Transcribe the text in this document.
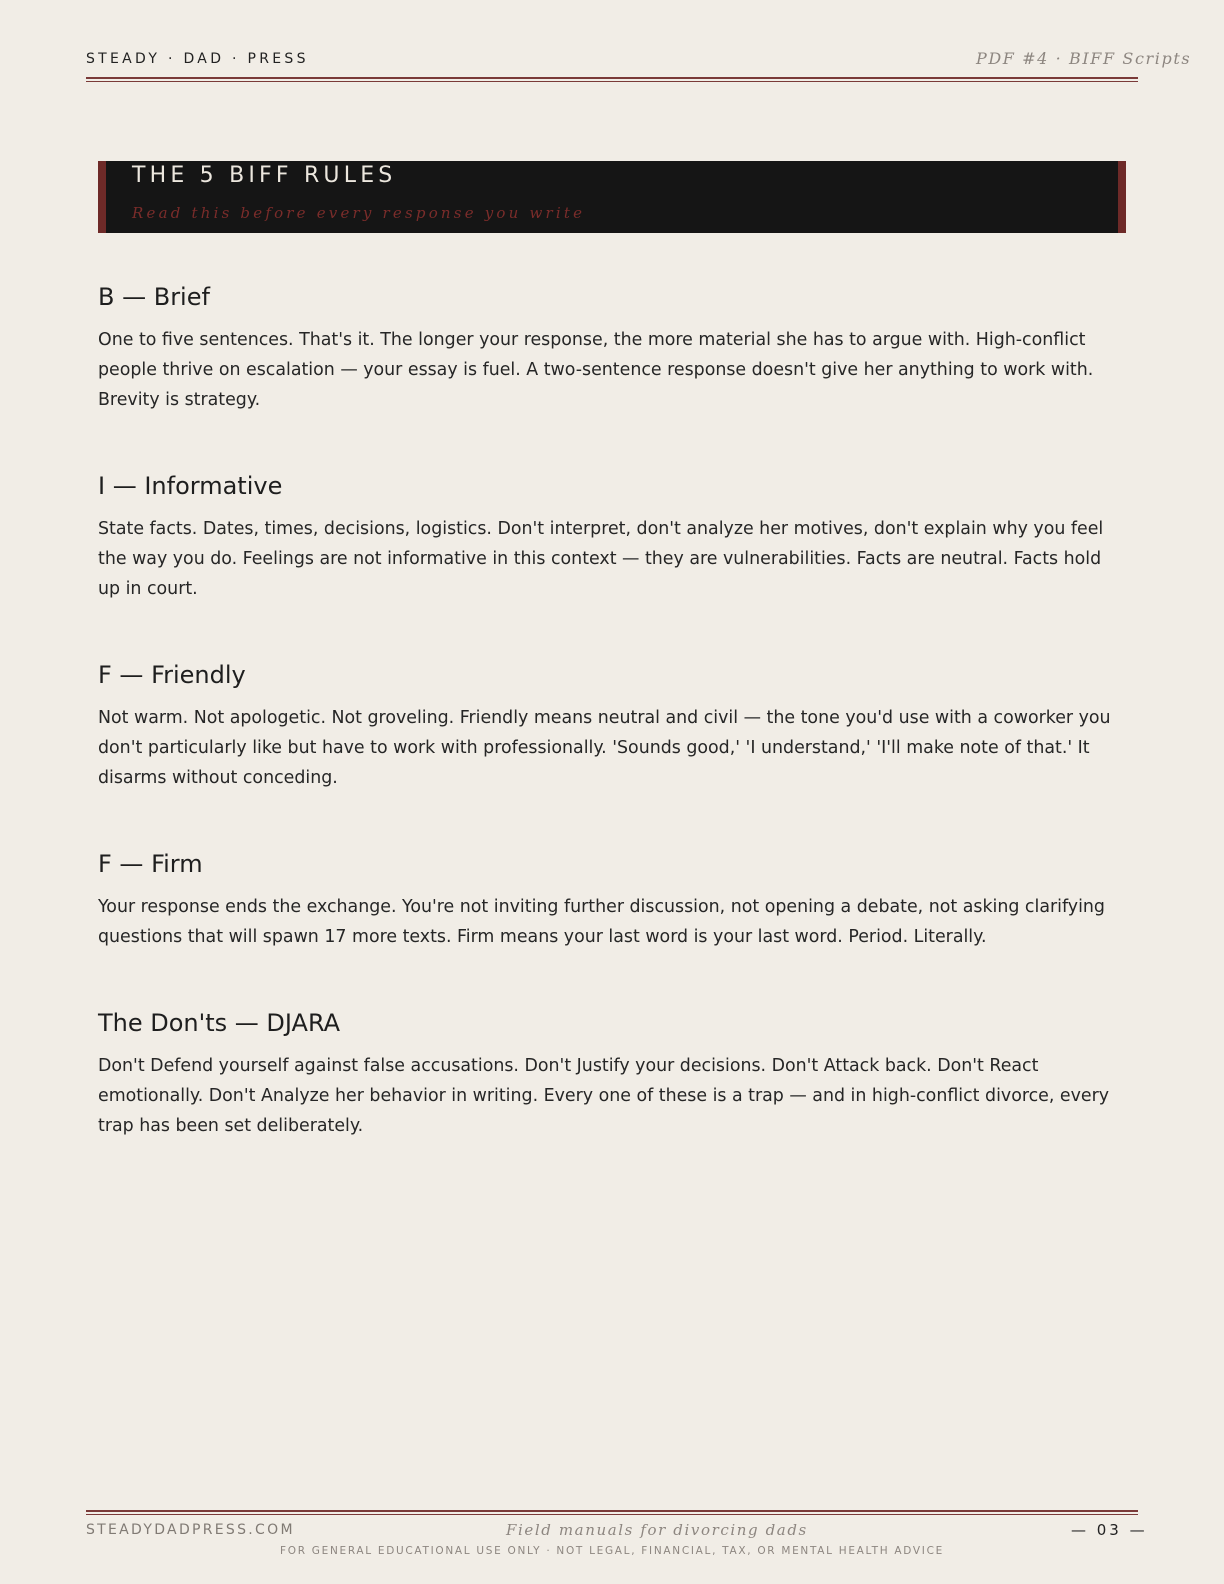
STEADY · DAD · PRESS	PDF #4 · BIFF Scripts
THE 5 BIFF RULES
Read this before every response you write
B — Brief

One to five sentences. That's it. The longer your response, the more material she has to argue with. High-conflict people thrive on escalation — your essay is fuel. A two-sentence response doesn't give her anything to work with. Brevity is strategy.

I — Informative

State facts. Dates, times, decisions, logistics. Don't interpret, don't analyze her motives, don't explain why you feel the way you do. Feelings are not informative in this context — they are vulnerabilities. Facts are neutral. Facts hold up in court.

F — Friendly

Not warm. Not apologetic. Not groveling. Friendly means neutral and civil — the tone you'd use with a coworker you don't particularly like but have to work with professionally. 'Sounds good,' 'I understand,' 'I'll make note of that.' It disarms without conceding.

F — Firm

Your response ends the exchange. You're not inviting further discussion, not opening a debate, not asking clarifying questions that will spawn 17 more texts. Firm means your last word is your last word. Period. Literally.

The Don'ts — DJARA

Don't Defend yourself against false accusations. Don't Justify your decisions. Don't Attack back. Don't React emotionally. Don't Analyze her behavior in writing. Every one of these is a trap — and in high-conflict divorce, every trap has been set deliberately.

STEADYDADPRESS.COM	Field manuals for divorcing dads	— 03 —
FOR GENERAL EDUCATIONAL USE ONLY · NOT LEGAL, FINANCIAL, TAX, OR MENTAL HEALTH ADVICE
